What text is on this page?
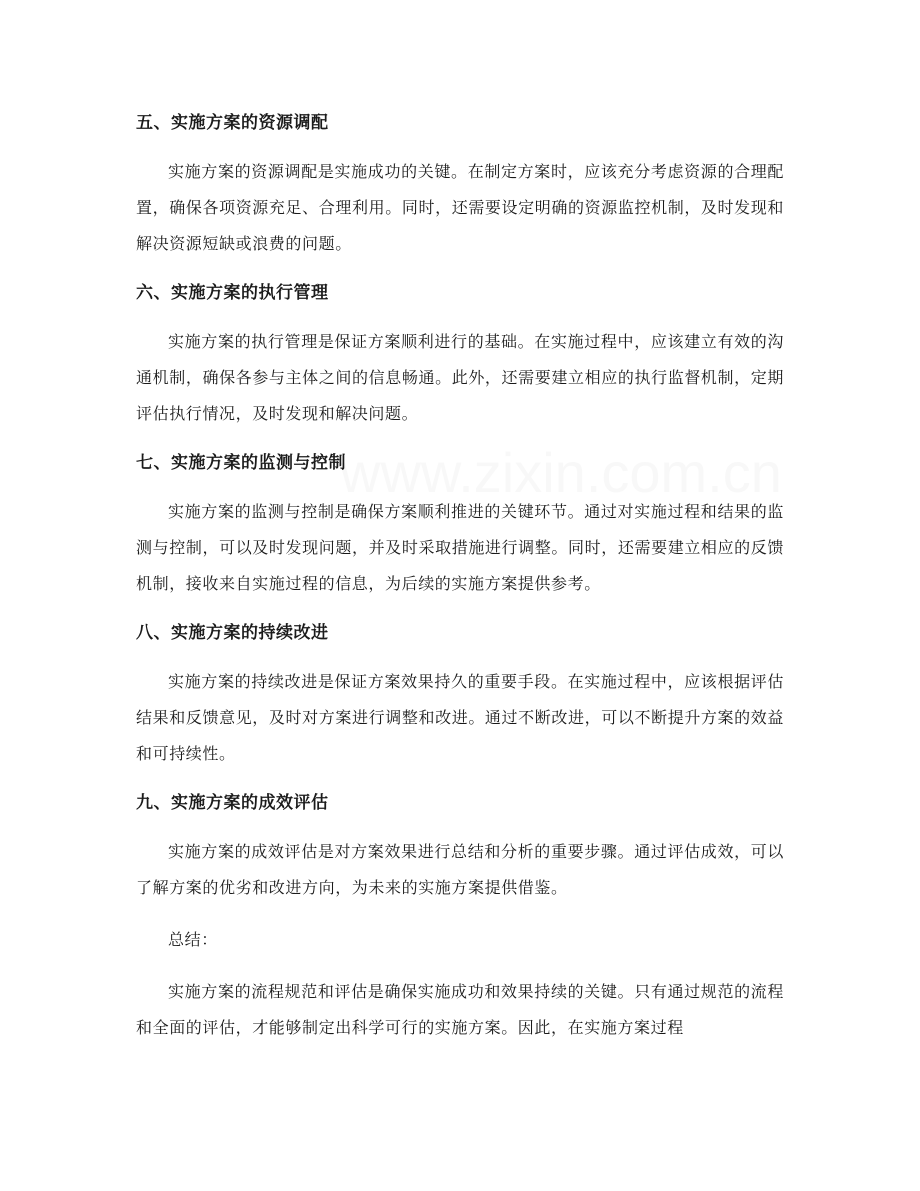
www.zixin.com.cn
五、实施方案的资源调配

实施方案的资源调配是实施成功的关键。在制定方案时，应该充分考虑资源的合理配置，确保各项资源充足、合理利用。同时，还需要设定明确的资源监控机制，及时发现和解决资源短缺或浪费的问题。

六、实施方案的执行管理

实施方案的执行管理是保证方案顺利进行的基础。在实施过程中，应该建立有效的沟通机制，确保各参与主体之间的信息畅通。此外，还需要建立相应的执行监督机制，定期评估执行情况，及时发现和解决问题。

七、实施方案的监测与控制

实施方案的监测与控制是确保方案顺利推进的关键环节。通过对实施过程和结果的监测与控制，可以及时发现问题，并及时采取措施进行调整。同时，还需要建立相应的反馈机制，接收来自实施过程的信息，为后续的实施方案提供参考。

八、实施方案的持续改进

实施方案的持续改进是保证方案效果持久的重要手段。在实施过程中，应该根据评估结果和反馈意见，及时对方案进行调整和改进。通过不断改进，可以不断提升方案的效益和可持续性。

九、实施方案的成效评估

实施方案的成效评估是对方案效果进行总结和分析的重要步骤。通过评估成效，可以了解方案的优劣和改进方向，为未来的实施方案提供借鉴。

总结：

实施方案的流程规范和评估是确保实施成功和效果持续的关键。只有通过规范的流程和全面的评估，才能够制定出科学可行的实施方案。因此，在实施方案过程
